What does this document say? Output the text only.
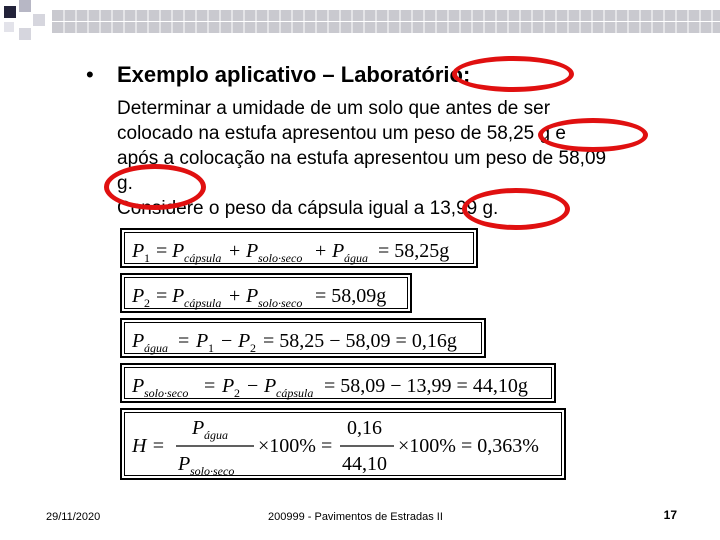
• Exemplo aplicativo – Laboratório:
Determinar a umidade de um solo que antes de ser
colocado na estufa apresentou um peso de 58,25 g e
após a colocação na estufa apresentou um peso de 58,09
g.
Considere o peso da cápsula igual a 13,99 g.
P 1 = P cápsula + P solo·seco + P água = 58,25g
P 2 = P cápsula + P solo·seco = 58,09g
P água = P 1 − P 2 = 58,25 − 58,09 = 0,16g
P solo·seco = P 2 − P cápsula = 58,09 − 13,99 = 44,10g
H =
P água
P solo·seco
×100% =
0,16
44,10
×100% = 0,363%
29/11/2020	200999 - Pavimentos de Estradas II	17
